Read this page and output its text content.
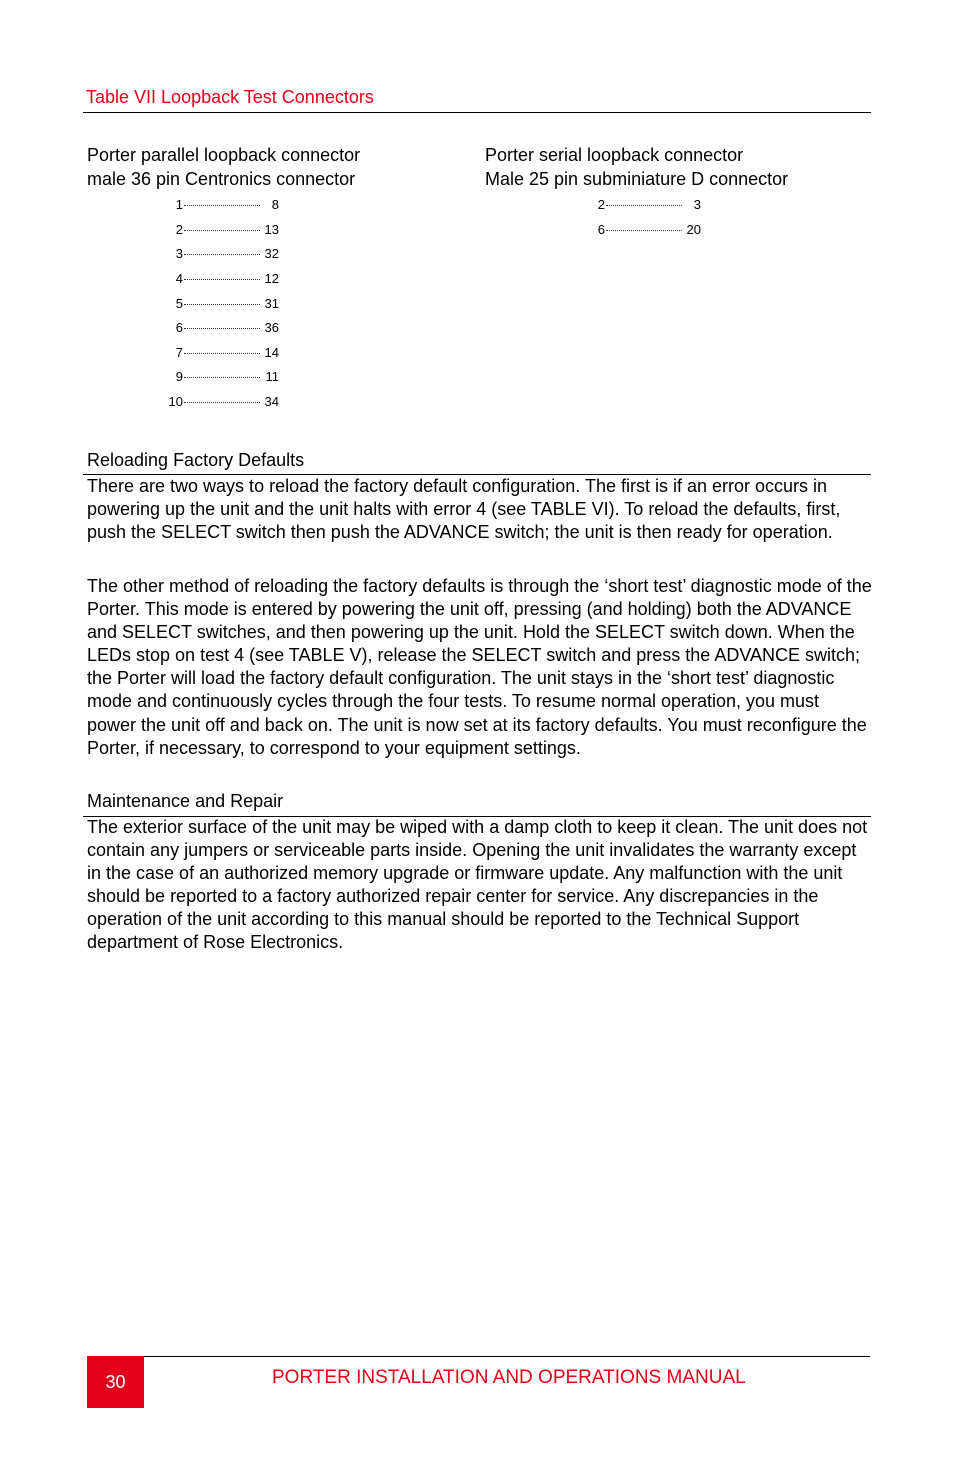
Table VII Loopback Test Connectors
Porter parallel loopback connector
male 36 pin Centronics connector
Porter serial loopback connector
Male 25 pin subminiature D connector
1	8
2	13
3	32
4	12
5	31
6	36
7	14
9	11
10	34
2	3
6	20
Reloading Factory Defaults

There are two ways to reload the factory default configuration. The first is if an error occurs in powering up the unit and the unit halts with error 4 (see TABLE VI). To reload the defaults, first, push the SELECT switch then push the ADVANCE switch; the unit is then ready for operation.

The other method of reloading the factory defaults is through the ‘short test’ diagnostic mode of the Porter. This mode is entered by powering the unit off, pressing (and holding) both the ADVANCE and SELECT switches, and then powering up the unit. Hold the SELECT switch down. When the LEDs stop on test 4 (see TABLE V), release the SELECT switch and press the ADVANCE switch; the Porter will load the factory default configuration. The unit stays in the ‘short test’ diagnostic mode and continuously cycles through the four tests. To resume normal operation, you must power the unit off and back on. The unit is now set at its factory defaults. You must reconfigure the Porter, if necessary, to correspond to your equipment settings.

Maintenance and Repair

The exterior surface of the unit may be wiped with a damp cloth to keep it clean. The unit does not contain any jumpers or serviceable parts inside. Opening the unit invalidates the warranty except in the case of an authorized memory upgrade or firmware update. Any malfunction with the unit should be reported to a factory authorized repair center for service. Any discrepancies in the operation of the unit according to this manual should be reported to the Technical Support department of Rose Electronics.

30	PORTER INSTALLATION AND OPERATIONS MANUAL
